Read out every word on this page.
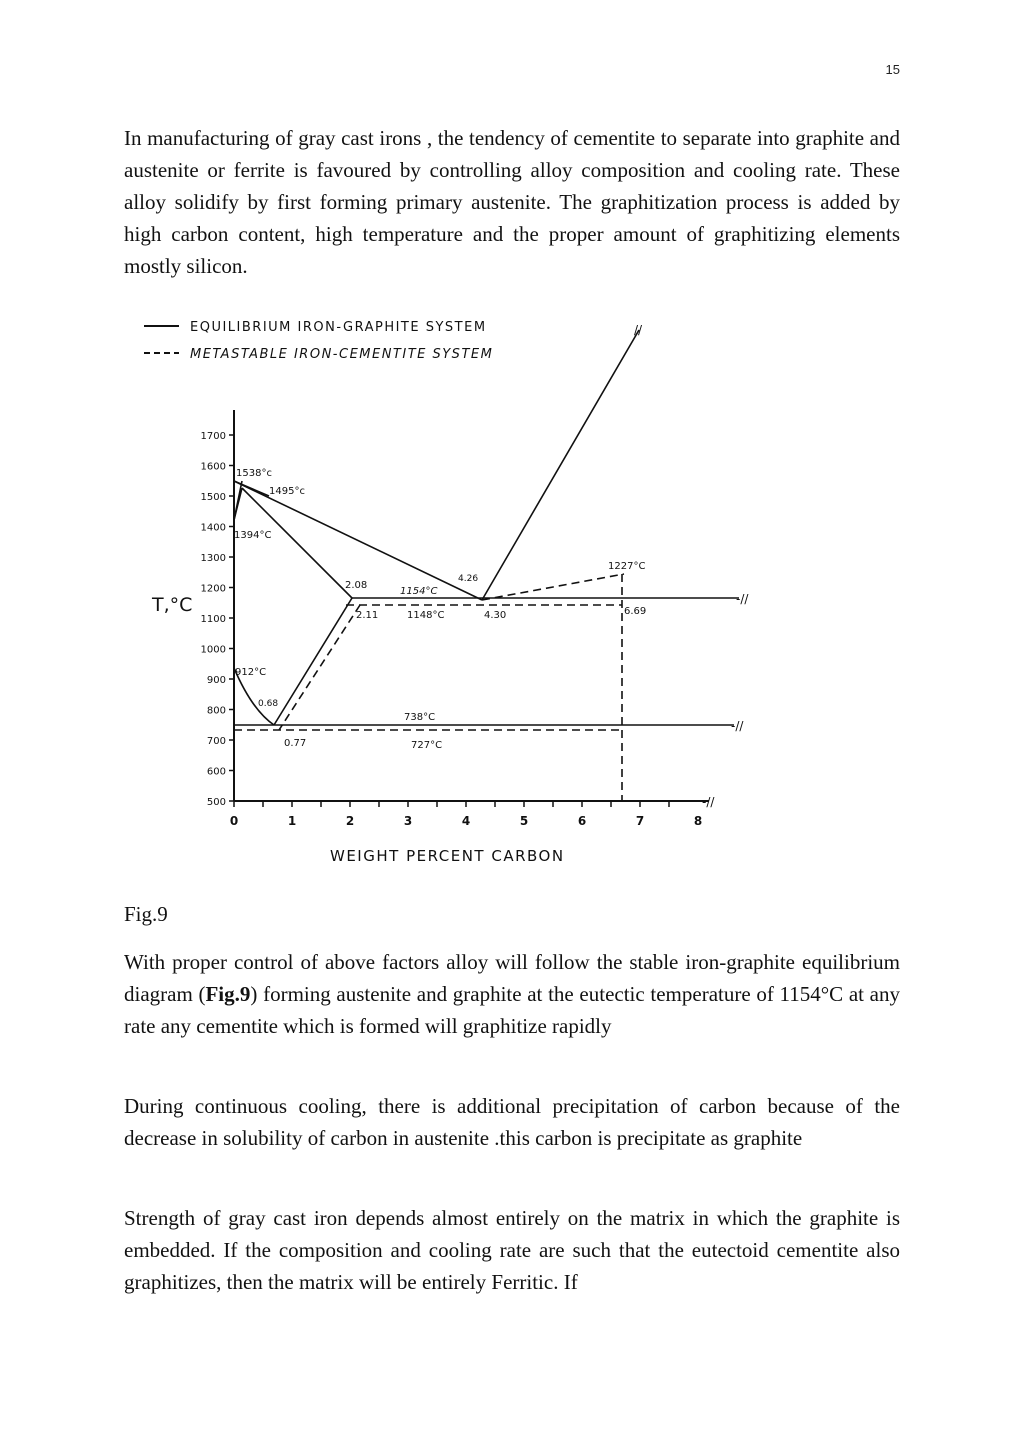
15

In manufacturing of gray cast irons , the tendency of cementite to separate into graphite and austenite or ferrite is favoured by controlling alloy composition and cooling rate. These alloy solidify by first forming primary austenite. The graphitization process is added by high carbon content, high temperature and the proper amount of graphitizing elements mostly silicon.

EQUILIBRIUM IRON-GRAPHITE SYSTEM
METASTABLE IRON-CEMENTITE SYSTEM
1700
1600
1500
1400
1300
1200
1100
1000
900
800
700
600
500
0	1	2	3	4	5	6	7	8
T,°C
WEIGHT PERCENT CARBON
-//
-//
-//
//
1538°c
1495°c
1394°C
2.08
1154°C
4.26
1227°C
2.11	1148°C	4.30	6.69
912°C
0.68
738°C
0.77	727°C
Fig.9

With proper control of above factors alloy will follow the stable iron-graphite equilibrium diagram (Fig.9) forming austenite and graphite at the eutectic temperature of 1154°C at any rate any cementite which is formed will graphitize rapidly

During continuous cooling, there is additional precipitation of carbon because of the decrease in solubility of carbon in austenite .this carbon is precipitate as graphite

Strength of gray cast iron depends almost entirely on the matrix in which the graphite is embedded. If the composition and cooling rate are such that the eutectoid cementite also graphitizes, then the matrix will be entirely Ferritic. If
